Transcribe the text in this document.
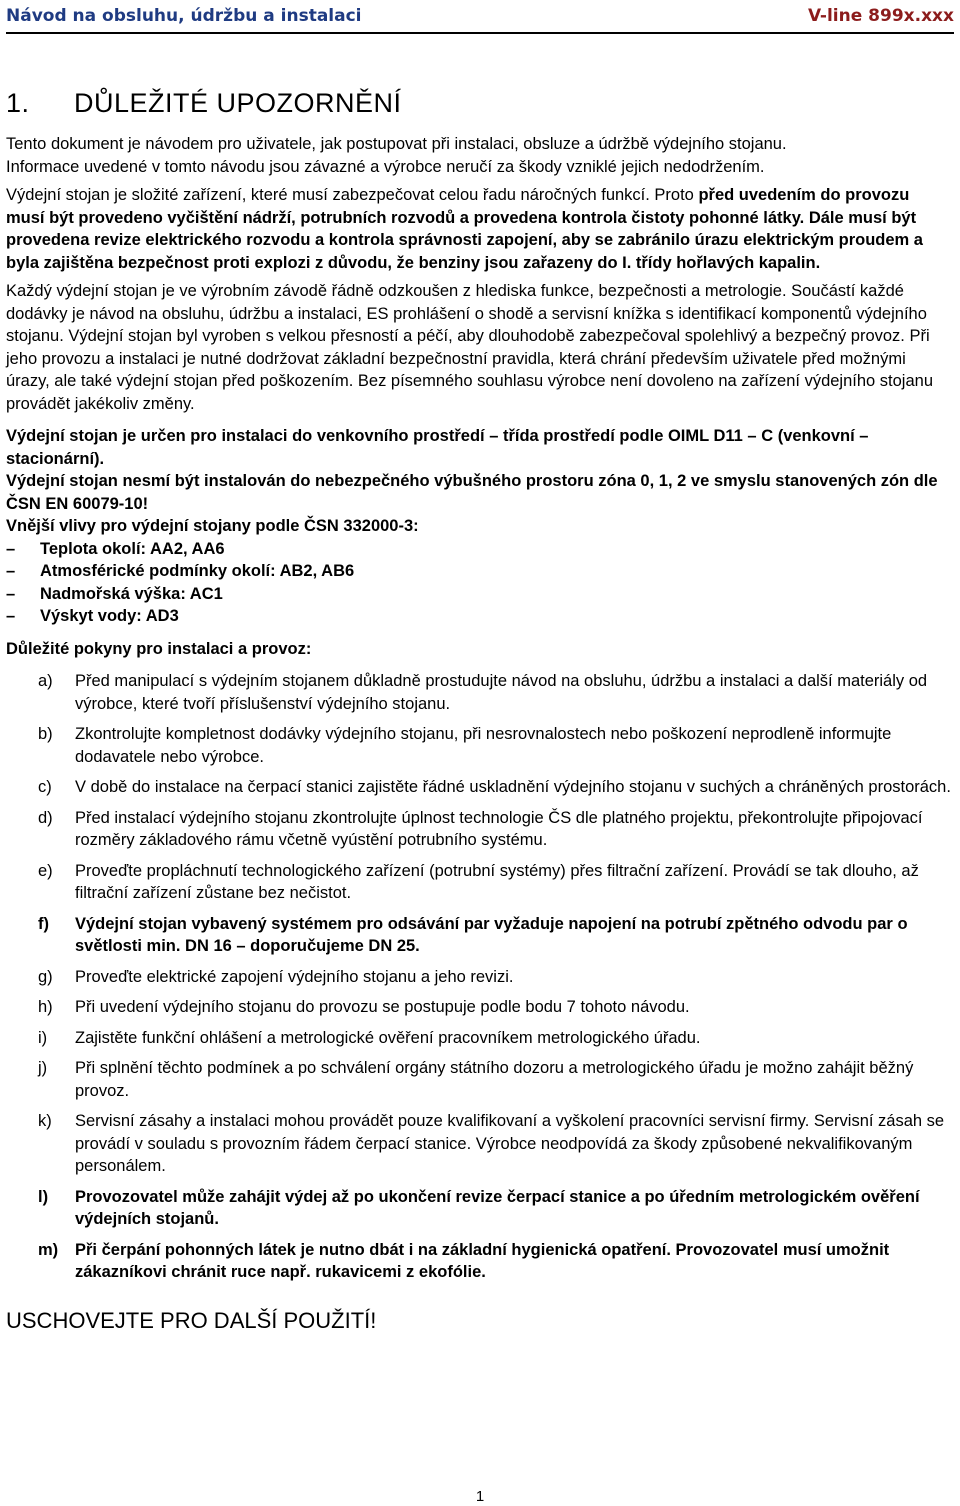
Návod na obsluhu, údržbu a instalaci	V-line 899x.xxx
1.	DŮLEŽITÉ UPOZORNĚNÍ

Tento dokument je návodem pro uživatele, jak postupovat při instalaci, obsluze a údržbě výdejního stojanu.
Informace uvedené v tomto návodu jsou závazné a výrobce neručí za škody vzniklé jejich nedodržením.

Výdejní stojan je složité zařízení, které musí zabezpečovat celou řadu náročných funkcí. Proto před uvedením do provozu musí být provedeno vyčištění nádrží, potrubních rozvodů a provedena kontrola čistoty pohonné látky. Dále musí být provedena revize elektrického rozvodu a kontrola správnosti zapojení, aby se zabránilo úrazu elektrickým proudem a byla zajištěna bezpečnost proti explozi z důvodu, že benziny jsou zařazeny do I. třídy hořlavých kapalin.

Každý výdejní stojan je ve výrobním závodě řádně odzkoušen z hlediska funkce, bezpečnosti a metrologie. Součástí každé dodávky je návod na obsluhu, údržbu a instalaci, ES prohlášení o shodě a servisní knížka s identifikací komponentů výdejního stojanu. Výdejní stojan byl vyroben s velkou přesností a péčí, aby dlouhodobě zabezpečoval spolehlivý a bezpečný provoz. Při jeho provozu a instalaci je nutné dodržovat základní bezpečnostní pravidla, která chrání především uživatele před možnými úrazy, ale také výdejní stojan před poškozením. Bez písemného souhlasu výrobce není dovoleno na zařízení výdejního stojanu provádět jakékoliv změny.

Výdejní stojan je určen pro instalaci do venkovního prostředí – třída prostředí podle OIML D11 – C (venkovní – stacionární).

Výdejní stojan nesmí být instalován do nebezpečného výbušného prostoru zóna 0, 1, 2 ve smyslu stanovených zón dle ČSN EN 60079-10!

Vnější vlivy pro výdejní stojany podle ČSN 332000-3:

–	Teplota okolí: AA2, AA6
–	Atmosférické podmínky okolí: AB2, AB6
–	Nadmořská výška: AC1
–	Výskyt vody: AD3

Důležité pokyny pro instalaci a provoz:

a)	Před manipulací s výdejním stojanem důkladně prostudujte návod na obsluhu, údržbu a instalaci a další materiály od výrobce, které tvoří příslušenství výdejního stojanu.
b)	Zkontrolujte kompletnost dodávky výdejního stojanu, při nesrovnalostech nebo poškození neprodleně informujte dodavatele nebo výrobce.
c)	V době do instalace na čerpací stanici zajistěte řádné uskladnění výdejního stojanu v suchých a chráněných prostorách.
d)	Před instalací výdejního stojanu zkontrolujte úplnost technologie ČS dle platného projektu, překontrolujte připojovací rozměry základového rámu včetně vyústění potrubního systému.
e)	Proveďte propláchnutí technologického zařízení (potrubní systémy) přes filtrační zařízení. Provádí se tak dlouho, až filtrační zařízení zůstane bez nečistot.
f)	Výdejní stojan vybavený systémem pro odsávání par vyžaduje napojení na potrubí zpětného odvodu par o světlosti min. DN 16 – doporučujeme DN 25.
g)	Proveďte elektrické zapojení výdejního stojanu a jeho revizi.
h)	Při uvedení výdejního stojanu do provozu se postupuje podle bodu 7 tohoto návodu.
i)	Zajistěte funkční ohlášení a metrologické ověření pracovníkem metrologického úřadu.
j)	Při splnění těchto podmínek a po schválení orgány státního dozoru a metrologického úřadu je možno zahájit běžný provoz.
k)	Servisní zásahy a instalaci mohou provádět pouze kvalifikovaní a vyškolení pracovníci servisní firmy. Servisní zásah se provádí v souladu s provozním řádem čerpací stanice. Výrobce neodpovídá za škody způsobené nekvalifikovaným personálem.
l)	Provozovatel může zahájit výdej až po ukončení revize čerpací stanice a po úředním metrologickém ověření výdejních stojanů.
m)	Při čerpání pohonných látek je nutno dbát i na základní hygienická opatření. Provozovatel musí umožnit zákazníkovi chránit ruce např. rukavicemi z ekofólie.

USCHOVEJTE PRO DALŠÍ POUŽITÍ!

1
